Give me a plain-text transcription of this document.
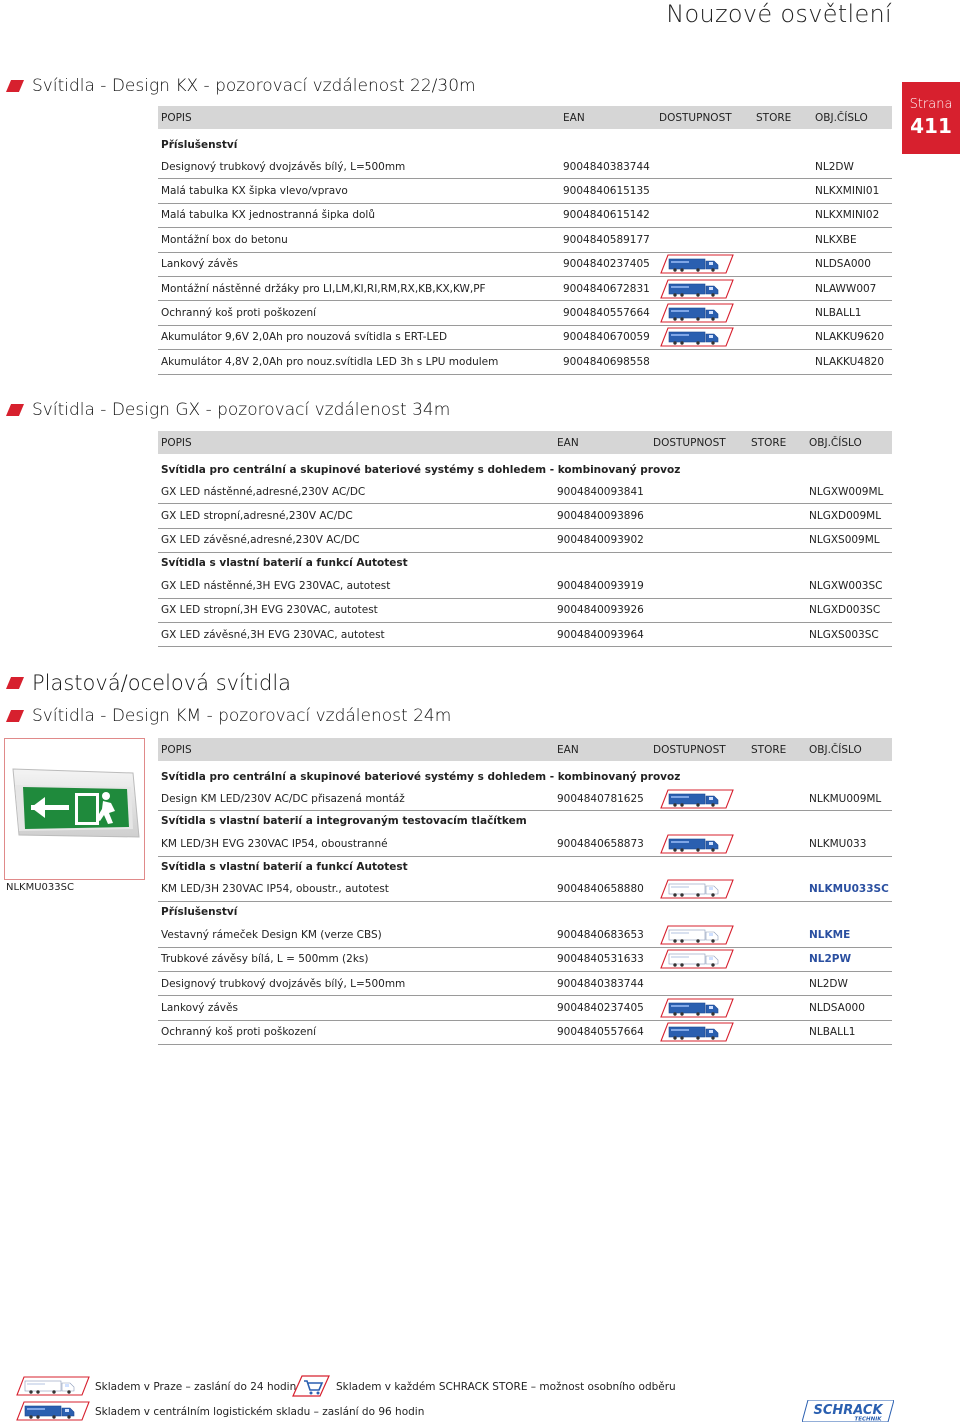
Nouzové osvětlení
Strana
411
Svítidla - Design KX - pozorovací vzdálenost 22/30m
POPIS	EAN	DOSTUPNOST STORE OBJ.ČÍSLO
Příslušenství
Designový trubkový dvojzávěs bílý, L=500mm	9004840383744	NL2DW
Malá tabulka KX šipka vlevo/vpravo	9004840615135	NLKXMINI01
Malá tabulka KX jednostranná šipka dolů	9004840615142	NLKXMINI02
Montážní box do betonu	9004840589177	NLKXBE
Lankový závěs	9004840237405	NLDSA000
Montážní nástěnné držáky pro LI,LM,KI,RI,RM,RX,KB,KX,KW,PF	9004840672831	NLAWW007
Ochranný koš proti poškození	9004840557664	NLBALL1
Akumulátor 9,6V 2,0Ah pro nouzová svítidla s ERT-LED	9004840670059	NLAKKU9620
Akumulátor 4,8V 2,0Ah pro nouz.svítidla LED 3h s LPU modulem	9004840698558	NLAKKU4820
Svítidla - Design GX - pozorovací vzdálenost 34m
POPIS	EAN	DOSTUPNOST STORE OBJ.ČÍSLO
Svítidla pro centrální a skupinové bateriové systémy s dohledem - kombinovaný provoz
GX LED nástěnné,adresné,230V AC/DC	9004840093841	NLGXW009ML
GX LED stropní,adresné,230V AC/DC	9004840093896	NLGXD009ML
GX LED závěsné,adresné,230V AC/DC	9004840093902	NLGXS009ML
Svítidla s vlastní baterií a funkcí Autotest
GX LED nástěnné,3H EVG 230VAC, autotest	9004840093919	NLGXW003SC
GX LED stropní,3H EVG 230VAC, autotest	9004840093926	NLGXD003SC
GX LED závěsné,3H EVG 230VAC, autotest	9004840093964	NLGXS003SC
Plastová/ocelová svítidla
Svítidla - Design KM - pozorovací vzdálenost 24m
NLKMU033SC
POPIS	EAN	DOSTUPNOST STORE OBJ.ČÍSLO
Svítidla pro centrální a skupinové bateriové systémy s dohledem - kombinovaný provoz
Design KM LED/230V AC/DC přisazená montáž	9004840781625	NLKMU009ML
Svítidla s vlastní baterií a integrovaným testovacím tlačítkem
KM LED/3H EVG 230VAC IP54, oboustranné	9004840658873	NLKMU033
Svítidla s vlastní baterií a funkcí Autotest
KM LED/3H 230VAC IP54, oboustr., autotest	9004840658880	NLKMU033SC
Příslušenství
Vestavný rámeček Design KM (verze CBS)	9004840683653	NLKME
Trubkové závěsy bílá, L = 500mm (2ks)	9004840531633	NL2PW
Designový trubkový dvojzávěs bílý, L=500mm	9004840383744	NL2DW
Lankový závěs	9004840237405	NLDSA000
Ochranný koš proti poškození	9004840557664	NLBALL1
Skladem v Praze – zaslání do 24 hodin	Skladem v každém SCHRACK STORE – možnost osobního odběru
Skladem v centrálním logistickém skladu – zaslání do 96 hodin	SCHRACK
TECHNIK
